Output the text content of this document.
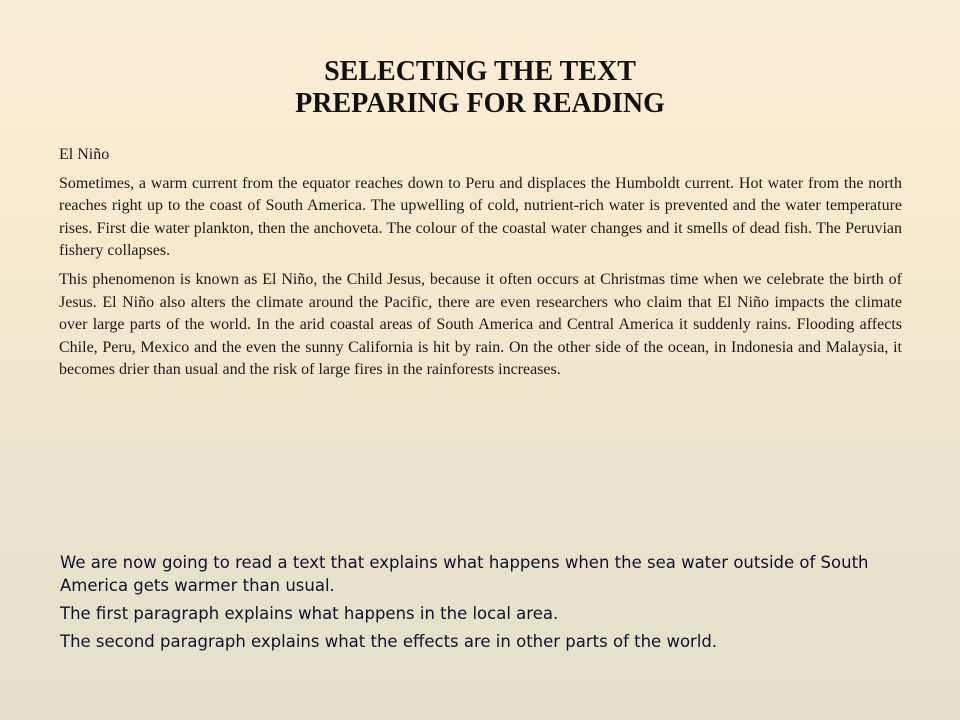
SELECTING THE TEXT
PREPARING FOR READING

El Niño

Sometimes, a warm current from the equator reaches down to Peru and displaces the Humboldt current. Hot water from the north reaches right up to the coast of South America. The upwelling of cold, nutrient-rich water is prevented and the water temperature rises. First die water plankton, then the anchoveta. The colour of the coastal water changes and it smells of dead fish. The Peruvian fishery collapses.

This phenomenon is known as El Niño, the Child Jesus, because it often occurs at Christmas time when we celebrate the birth of Jesus. El Niño also alters the climate around the Pacific, there are even researchers who claim that El Niño impacts the climate over large parts of the world. In the arid coastal areas of South America and Central America it suddenly rains. Flooding affects Chile, Peru, Mexico and the even the sunny California is hit by rain. On the other side of the ocean, in Indonesia and Malaysia, it becomes drier than usual and the risk of large fires in the rainforests increases.

We are now going to read a text that explains what happens when the sea water outside of South America gets warmer than usual.

The first paragraph explains what happens in the local area.

The second paragraph explains what the effects are in other parts of the world.
